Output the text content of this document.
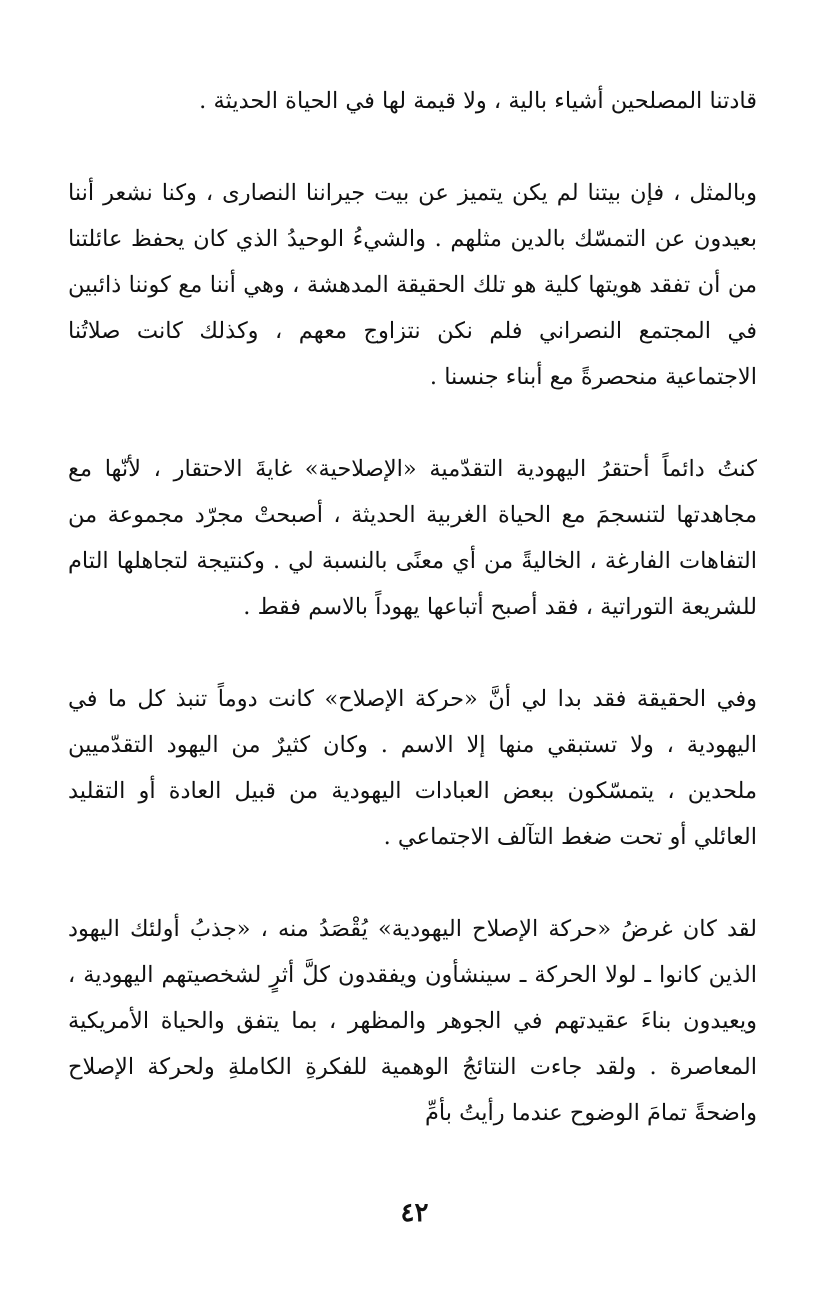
قادتنا المصلحين أشياء بالية ، ولا قيمة لها في الحياة الحديثة .

وبالمثل ، فإن بيتنا لم يكن يتميز عن بيت جيراننا النصارى ، وكنا نشعر أننا بعيدون عن التمسّك بالدين مثلهم . والشيءُ الوحيدُ الذي كان يحفظ عائلتنا من أن تفقد هويتها كلية هو تلك الحقيقة المدهشة ، وهي أننا مع كوننا ذائبين في المجتمع النصراني فلم نكن نتزاوج معهم ، وكذلك كانت صلاتُنا الاجتماعية منحصرةً مع أبناء جنسنا .

كنتُ دائماً أحتقرُ اليهودية التقدّمية «الإصلاحية» غايةَ الاحتقار ، لأنّها مع مجاهدتها لتنسجمَ مع الحياة الغربية الحديثة ، أصبحتْ مجرّد مجموعة من التفاهات الفارغة ، الخاليةً من أي معنًى بالنسبة لي . وكنتيجة لتجاهلها التام للشريعة التوراتية ، فقد أصبح أتباعها يهوداً بالاسم فقط .

وفي الحقيقة فقد بدا لي أنَّ «حركة الإصلاح» كانت دوماً تنبذ كل ما في اليهودية ، ولا تستبقي منها إلا الاسم . وكان كثيرٌ من اليهود التقدّميين ملحدين ، يتمسّكون ببعض العبادات اليهودية من قبيل العادة أو التقليد العائلي أو تحت ضغط التآلف الاجتماعي .

لقد كان غرضُ «حركة الإصلاح اليهودية» يُقْصَدُ منه ، «جذبُ أولئك اليهود الذين كانوا ـ لولا الحركة ـ سينشأون ويفقدون كلَّ أثرٍ لشخصيتهم اليهودية ، ويعيدون بناءَ عقيدتهم في الجوهر والمظهر ، بما يتفق والحياة الأمريكية المعاصرة . ولقد جاءت النتائجُ الوهمية للفكرةِ الكاملةِ ولحركة الإصلاح واضحةً تمامَ الوضوح عندما رأيتُ بأمِّ

٤٢
